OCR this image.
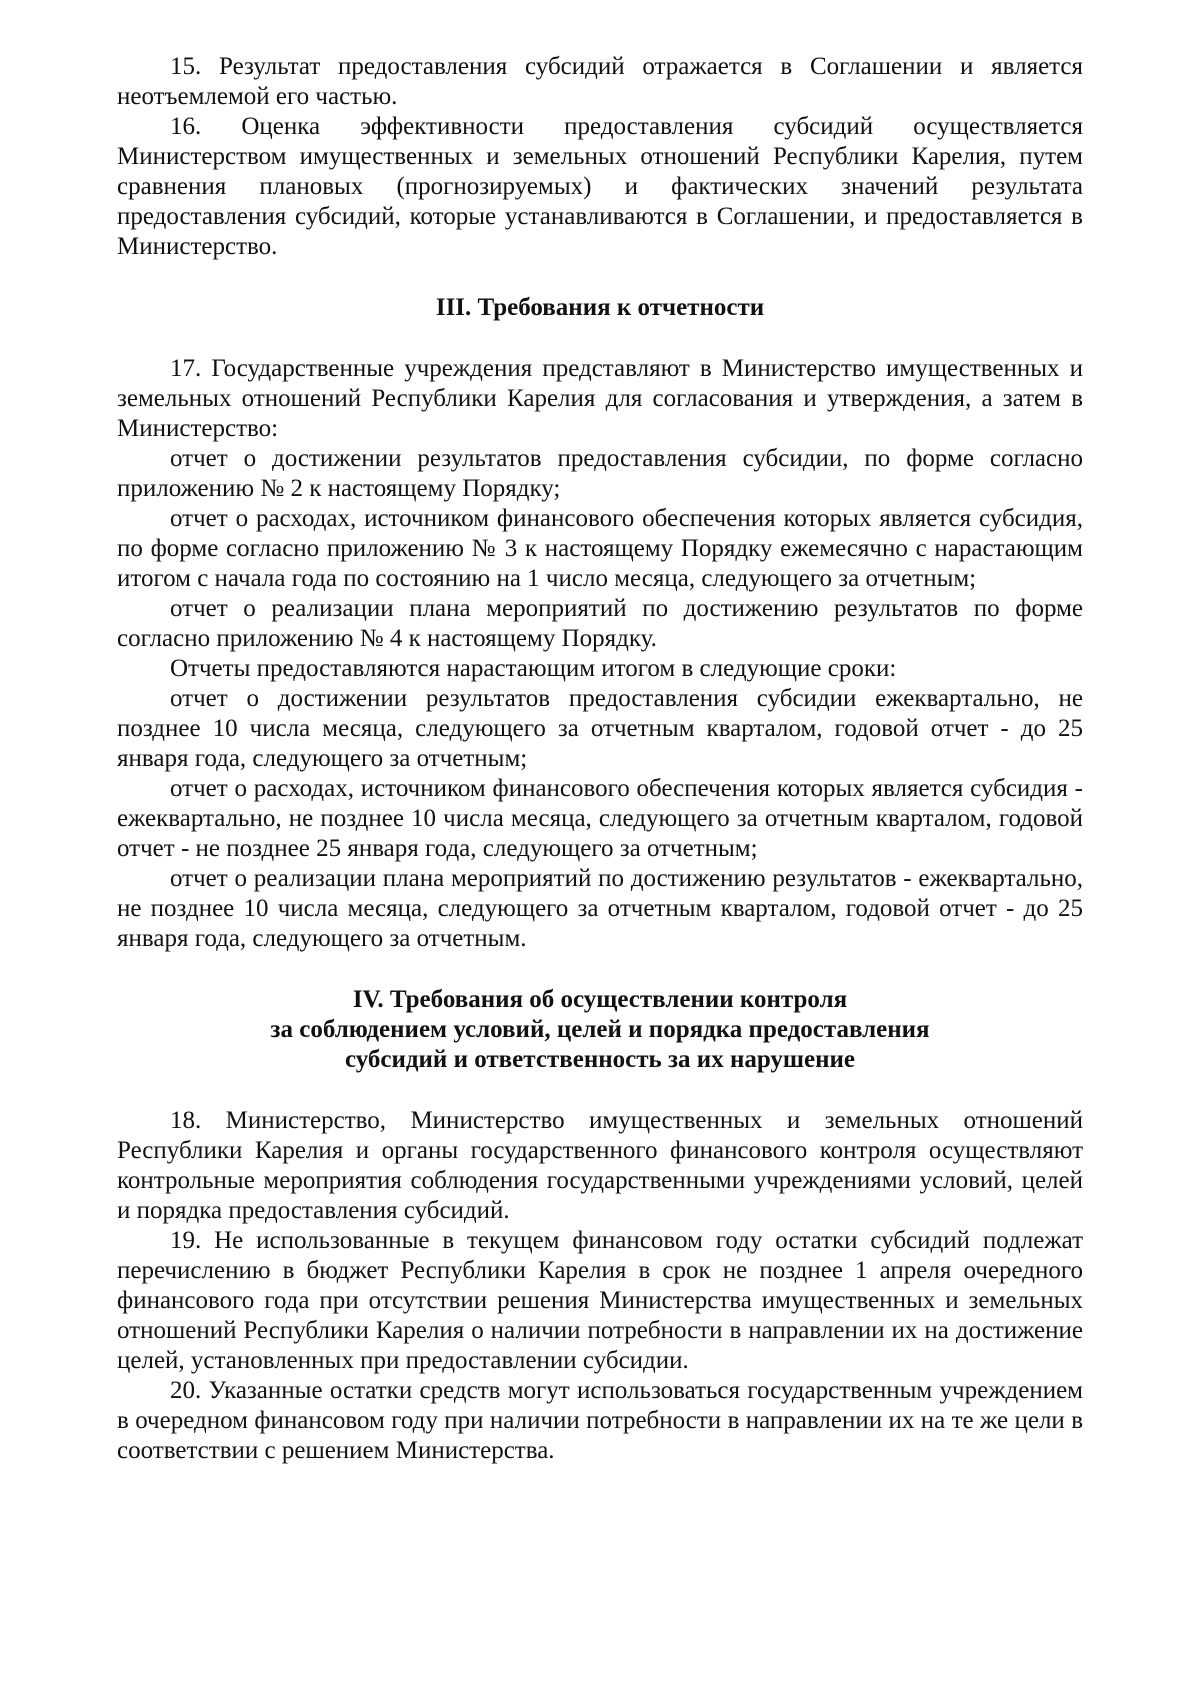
15. Результат предоставления субсидий отражается в Соглашении и является неотъемлемой его частью.

16. Оценка эффективности предоставления субсидий осуществляется Министерством имущественных и земельных отношений Республики Карелия, путем сравнения плановых (прогнозируемых) и фактических значений результата предоставления субсидий, которые устанавливаются в Соглашении, и предоставляется в Министерство.

III. Требования к отчетности

17. Государственные учреждения представляют в Министерство имущественных и земельных отношений Республики Карелия для согласования и утверждения, а затем в Министерство:

отчет о достижении результатов предоставления субсидии, по форме согласно приложению № 2 к настоящему Порядку;

отчет о расходах, источником финансового обеспечения которых является субсидия, по форме согласно приложению № 3 к настоящему Порядку ежемесячно с нарастающим итогом с начала года по состоянию на 1 число месяца, следующего за отчетным;

отчет о реализации плана мероприятий по достижению результатов по форме согласно приложению № 4 к настоящему Порядку.

Отчеты предоставляются нарастающим итогом в следующие сроки:

отчет о достижении результатов предоставления субсидии ежеквартально, не позднее 10 числа месяца, следующего за отчетным кварталом, годовой отчет - до 25 января года, следующего за отчетным;

отчет о расходах, источником финансового обеспечения которых является субсидия - ежеквартально, не позднее 10 числа месяца, следующего за отчетным кварталом, годовой отчет - не позднее 25 января года, следующего за отчетным;

отчет о реализации плана мероприятий по достижению результатов - ежеквартально, не позднее 10 числа месяца, следующего за отчетным кварталом, годовой отчет - до 25 января года, следующего за отчетным.

IV. Требования об осуществлении контроля
за соблюдением условий, целей и порядка предоставления
субсидий и ответственность за их нарушение

18. Министерство, Министерство имущественных и земельных отношений Республики Карелия и органы государственного финансового контроля осуществляют контрольные мероприятия соблюдения государственными учреждениями условий, целей и порядка предоставления субсидий.

19. Не использованные в текущем финансовом году остатки субсидий подлежат перечислению в бюджет Республики Карелия в срок не позднее 1 апреля очередного финансового года при отсутствии решения Министерства имущественных и земельных отношений Республики Карелия о наличии потребности в направлении их на достижение целей, установленных при предоставлении субсидии.

20. Указанные остатки средств могут использоваться государственным учреждением в очередном финансовом году при наличии потребности в направлении их на те же цели в соответствии с решением Министерства.
